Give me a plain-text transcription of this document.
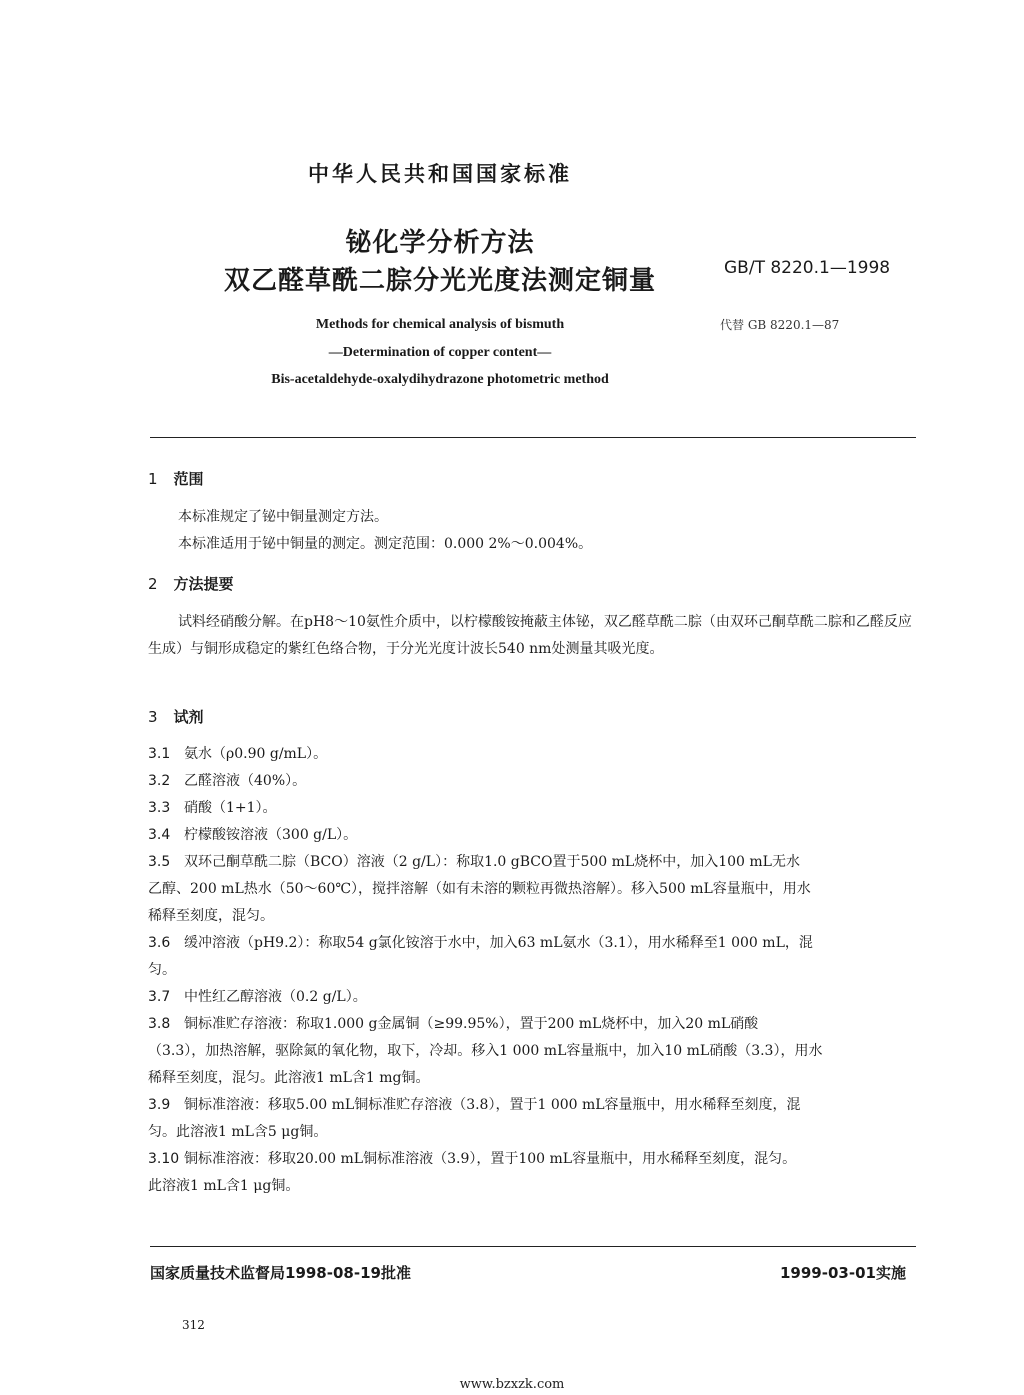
中华人民共和国国家标准
铋化学分析方法
双乙醛草酰二腙分光光度法测定铜量	GB/T 8220.1—1998
代替 GB 8220.1—87
Methods for chemical analysis of bismuth
—Determination of copper content—
Bis-acetaldehyde-oxalydihydrazone photometric method
1 范围
本标准规定了铋中铜量测定方法。
本标准适用于铋中铜量的测定。测定范围：0.000 2%～0.004%。
2 方法提要
试料经硝酸分解。在pH8～10氨性介质中，以柠檬酸铵掩蔽主体铋，双乙醛草酰二腙（由双环己酮草酰二腙和乙醛反应生成）与铜形成稳定的紫红色络合物，于分光光度计波长540 nm处测量其吸光度。
3 试剂
3.1 氨水（ρ0.90 g/mL）。
3.2 乙醛溶液（40%）。
3.3 硝酸（1+1）。
3.4 柠檬酸铵溶液（300 g/L）。
3.5 双环己酮草酰二腙（BCO）溶液（2 g/L）：称取1.0 gBCO置于500 mL烧杯中，加入100 mL无水
乙醇、200 mL热水（50～60℃），搅拌溶解（如有未溶的颗粒再微热溶解）。移入500 mL容量瓶中，用水
稀释至刻度，混匀。
3.6 缓冲溶液（pH9.2）：称取54 g氯化铵溶于水中，加入63 mL氨水（3.1），用水稀释至1 000 mL，混
匀。
3.7 中性红乙醇溶液（0.2 g/L）。
3.8 铜标准贮存溶液：称取1.000 g金属铜（≥99.95%），置于200 mL烧杯中，加入20 mL硝酸
（3.3），加热溶解，驱除氮的氧化物，取下，冷却。移入1 000 mL容量瓶中，加入10 mL硝酸（3.3），用水
稀释至刻度，混匀。此溶液1 mL含1 mg铜。
3.9 铜标准溶液：移取5.00 mL铜标准贮存溶液（3.8），置于1 000 mL容量瓶中，用水稀释至刻度，混
匀。此溶液1 mL含5 μg铜。
3.10 铜标准溶液：移取20.00 mL铜标准溶液（3.9），置于100 mL容量瓶中，用水稀释至刻度，混匀。
此溶液1 mL含1 μg铜。
国家质量技术监督局1998-08-19批准	1999-03-01实施
312
www.bzxzk.com
